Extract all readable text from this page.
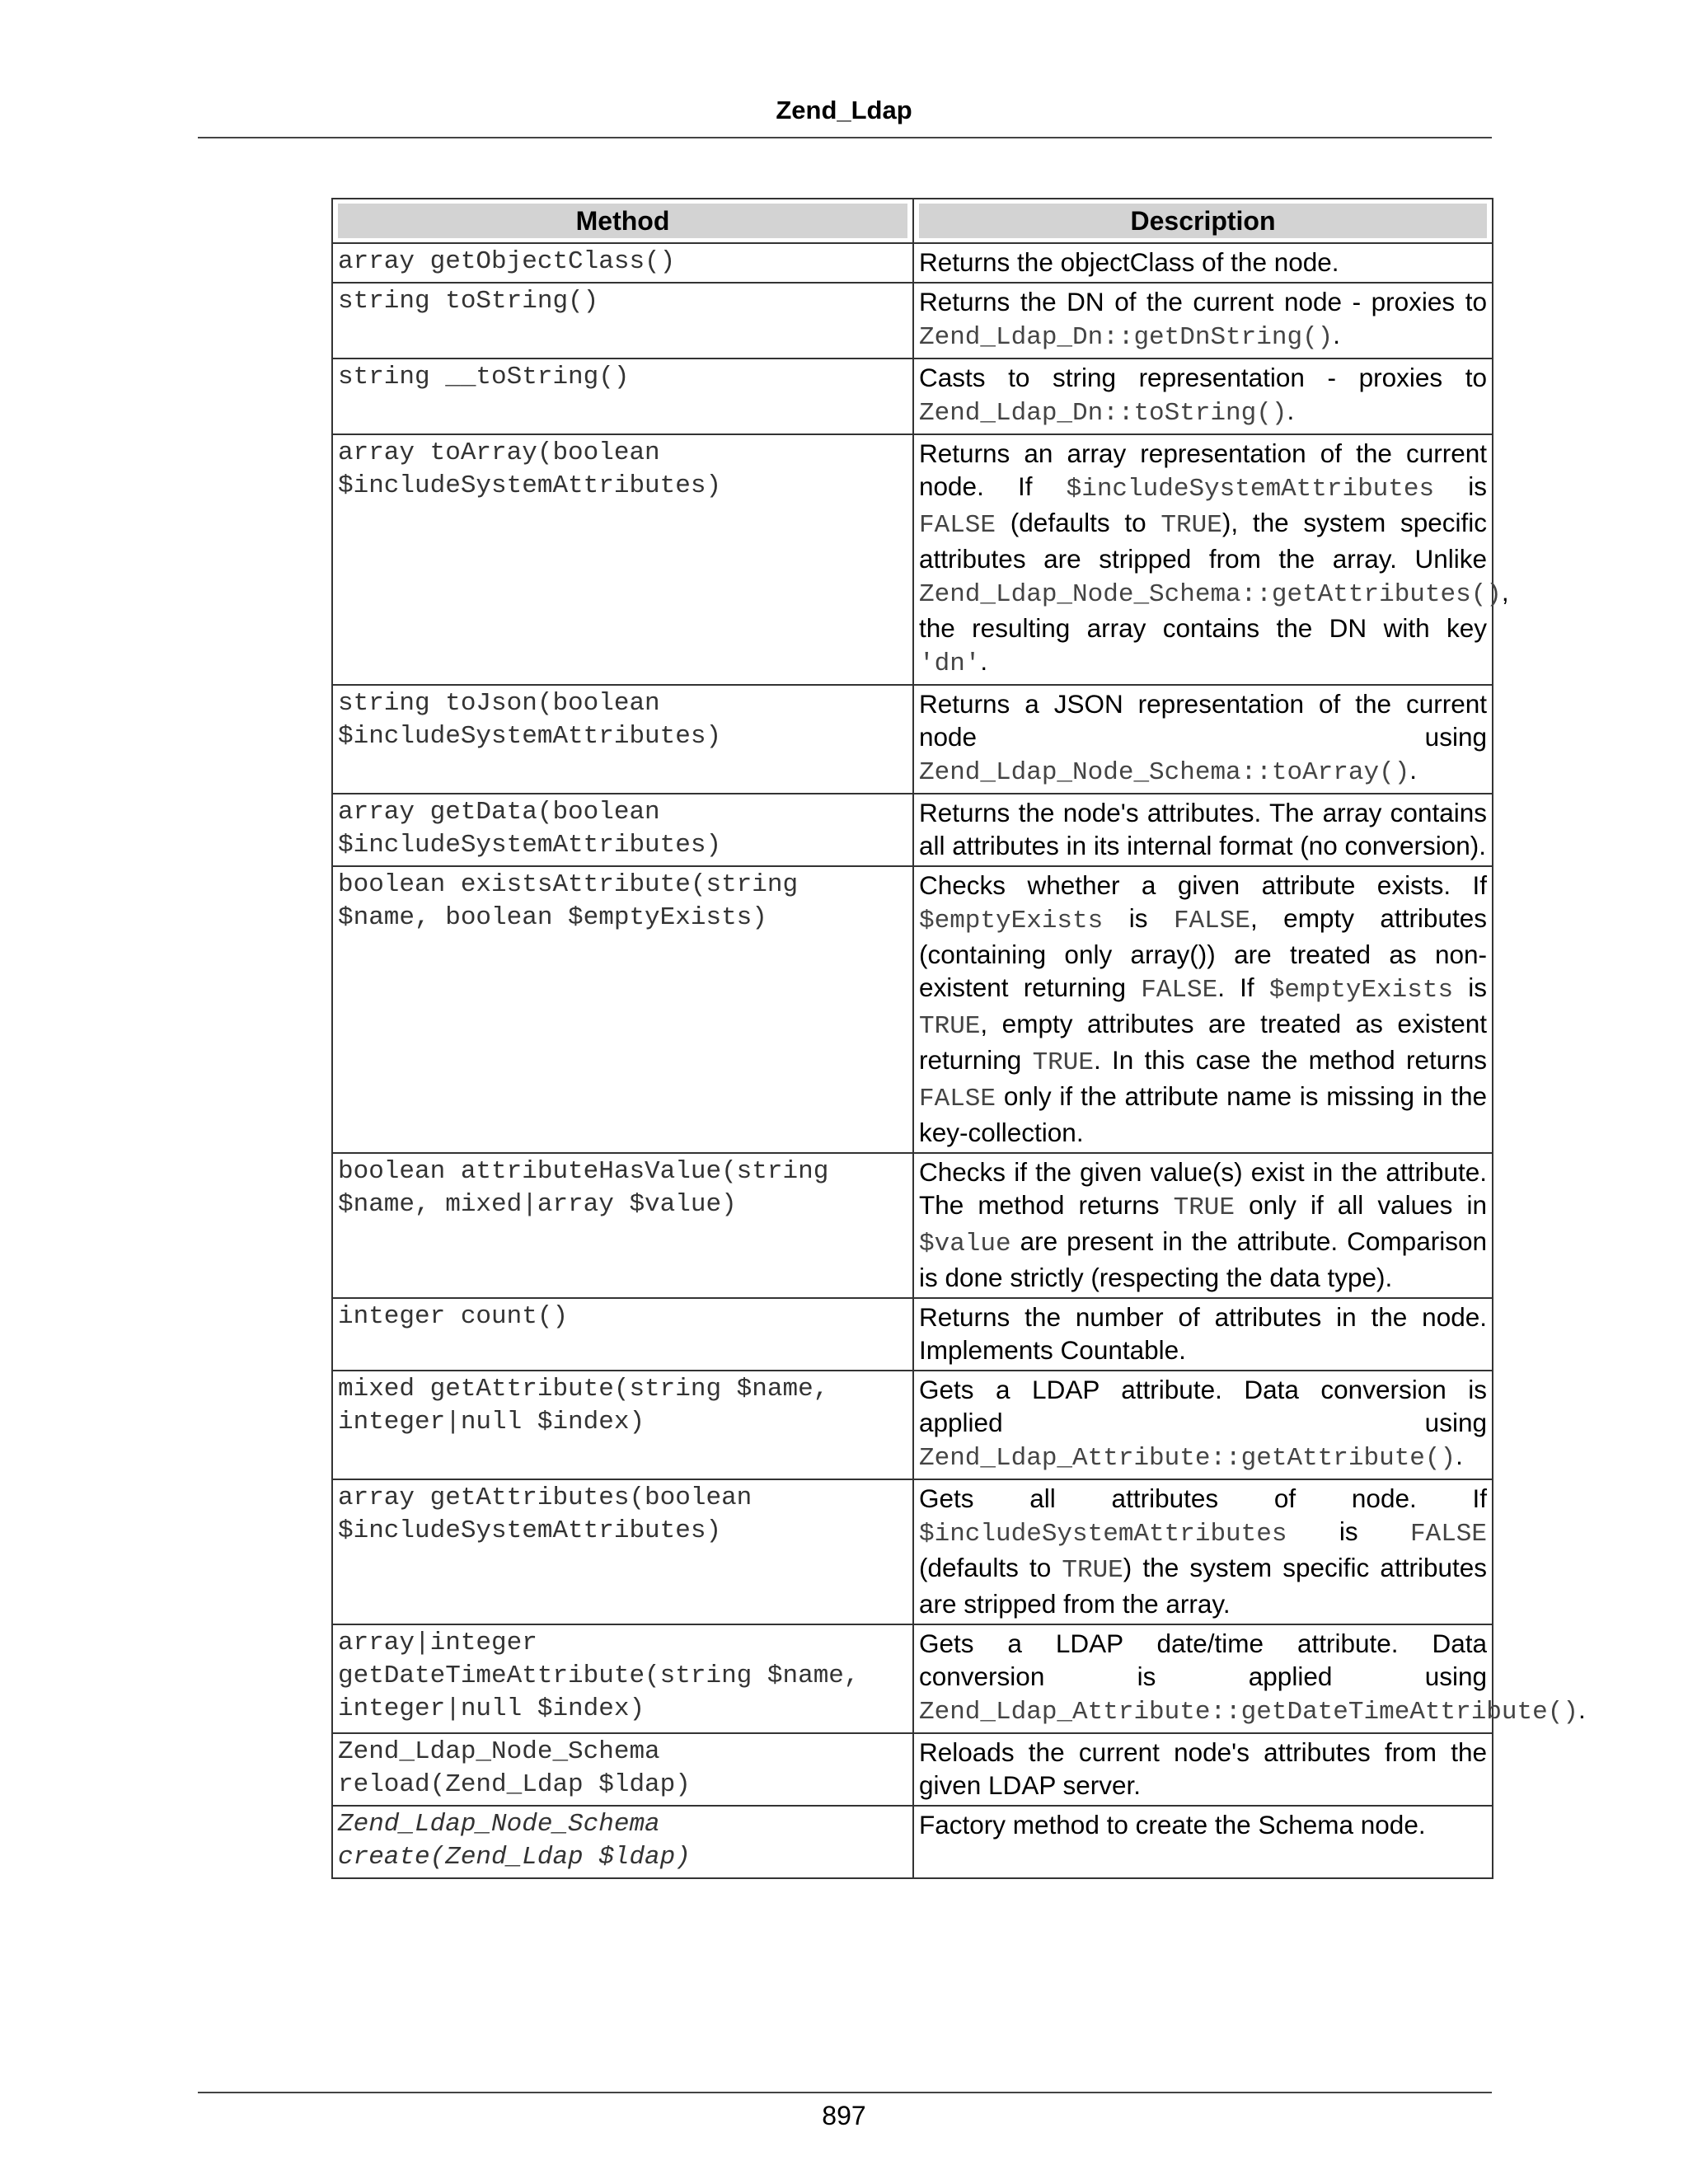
Zend_Ldap
Method	Description

array getObjectClass()	Returns the objectClass of the node.

string toString()	Returns the DN of the current node - proxies to Zend_Ldap_Dn::getDnString().

string __toString()	Casts to string representation - proxies to Zend_Ldap_Dn::toString().

array toArray(boolean
$includeSystemAttributes)	Returns an array representation of the current node. If $includeSystemAttributes is FALSE (defaults to TRUE), the system specific attributes are stripped from the array. Unlike Zend_Ldap_Node_Schema::getAttributes(), the resulting array contains the DN with key 'dn'.

string toJson(boolean
$includeSystemAttributes)	Returns a JSON representation of the current node using Zend_Ldap_Node_Schema::toArray().

array getData(boolean
$includeSystemAttributes)	Returns the node's attributes. The array contains all attributes in its internal format (no conversion).

boolean existsAttribute(string
$name, boolean $emptyExists)	Checks whether a given attribute exists. If $emptyExists is FALSE, empty attributes (containing only array()) are treated as non-existent returning FALSE. If $emptyExists is TRUE, empty attributes are treated as existent returning TRUE. In this case the method returns FALSE only if the attribute name is missing in the key-collection.

boolean attributeHasValue(string
$name, mixed|array $value)	Checks if the given value(s) exist in the attribute. The method returns TRUE only if all values in $value are present in the attribute. Comparison is done strictly (respecting the data type).

integer count()	Returns the number of attributes in the node. Implements Countable.

mixed getAttribute(string $name,
integer|null $index)	Gets a LDAP attribute. Data conversion is applied using Zend_Ldap_Attribute::getAttribute().

array getAttributes(boolean
$includeSystemAttributes)	Gets all attributes of node. If $includeSystemAttributes is FALSE (defaults to TRUE) the system specific attributes are stripped from the array.

array|integer
getDateTimeAttribute(string $name,
integer|null $index)	Gets a LDAP date/time attribute. Data conversion is applied using Zend_Ldap_Attribute::getDateTimeAttribute().

Zend_Ldap_Node_Schema
reload(Zend_Ldap $ldap)	Reloads the current node's attributes from the given LDAP server.

Zend_Ldap_Node_Schema
create(Zend_Ldap $ldap)	Factory method to create the Schema node.
897
